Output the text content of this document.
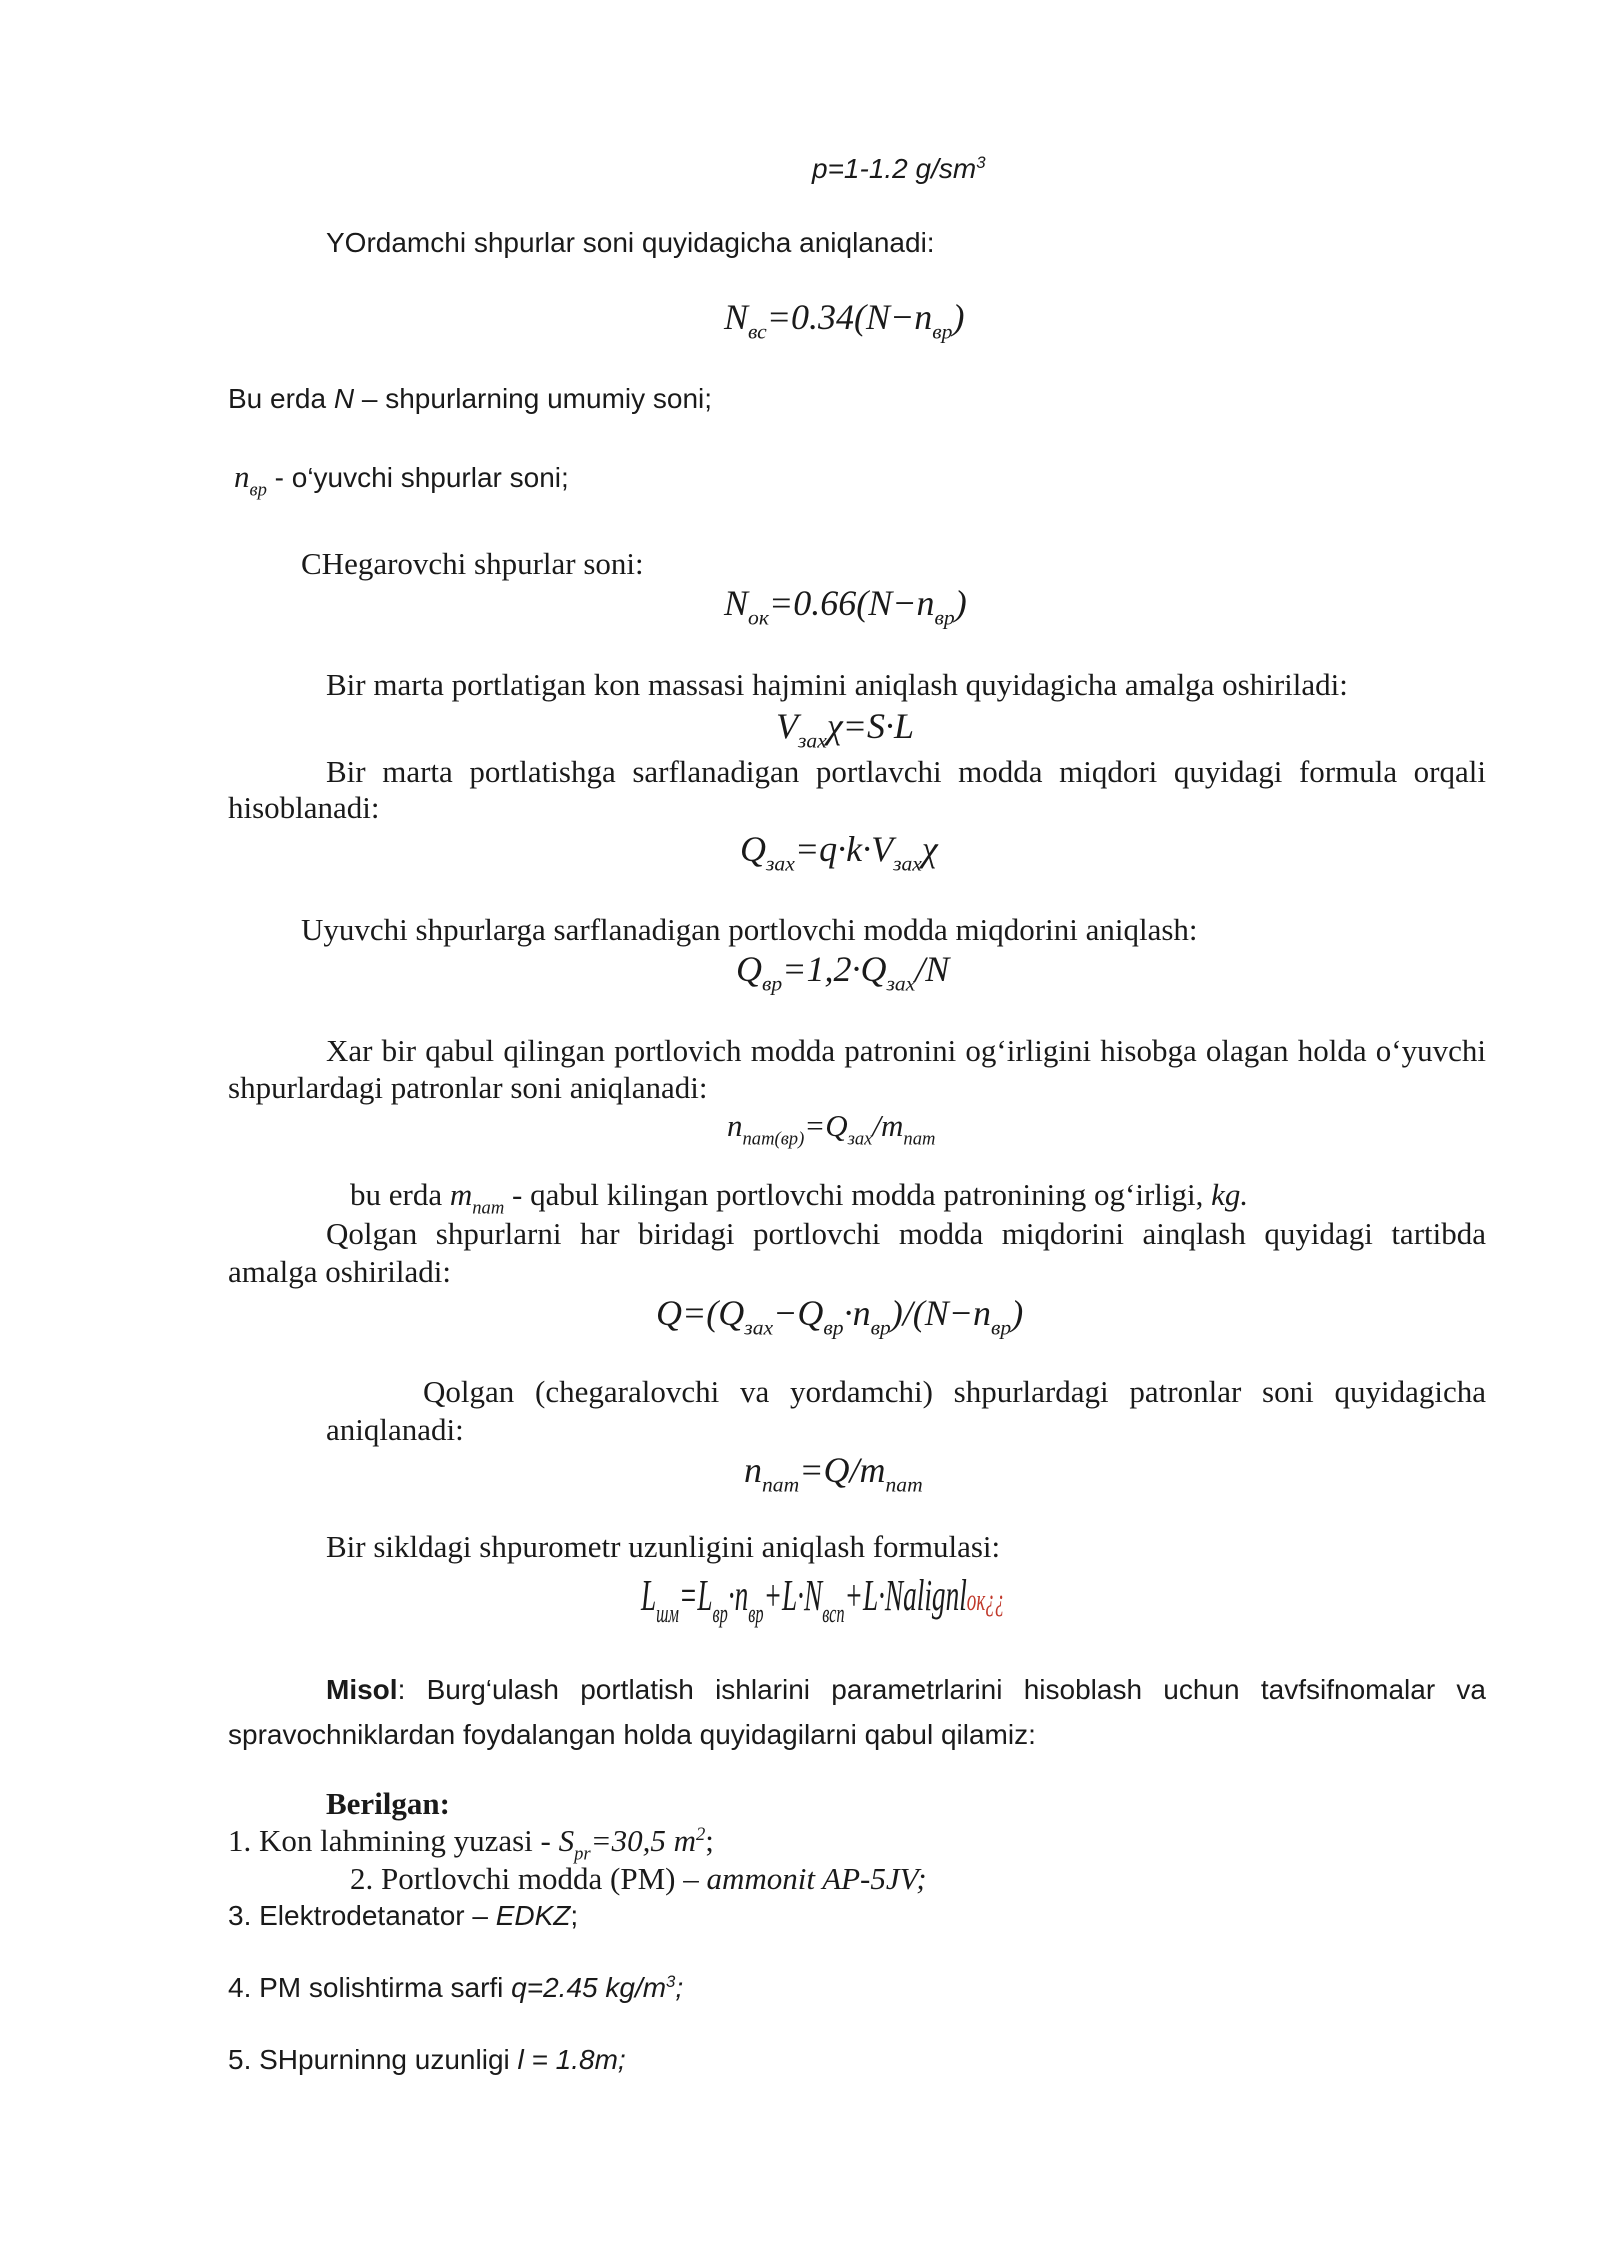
p=1-1.2 $g/sm^3$
YOrdamchi shpurlar soni quyidagicha aniqlanadi:
$N_{вс}=0.34(N-n_{вр})$
Bu erda N – shpurlarning umumiy soni;
$n_{вр}$ - o‘yuvchi shpurlar soni;
CHegarovchi shpurlar soni:
$N_{ок}=0.66(N-n_{вр})$
Bir marta portlatigan kon massasi hajmini aniqlash quyidagicha amalga oshiriladi:
$V_{зах}\chi=S\cdot L$
Bir marta portlatishga sarflanadigan portlavchi modda miqdori quyidagi formula orqali hisoblanadi:
$Q_{зах}=q\cdot k\cdot V_{зах}\chi$
Uyuvchi shpurlarga sarflanadigan portlovchi modda miqdorini aniqlash:
$Q_{вр}=1,2\cdot Q_{зах}/N$
Xar bir qabul qilingan portlovich modda patronini og‘irligini hisobga olagan holda o‘yuvchi shpurlardagi patronlar soni aniqlanadi:
$n_{пат(вр)}=Q_{зах}/m_{пат}$
bu erda $m_{пат}$ - qabul kilingan portlovchi modda patronining og‘irligi, kg.
Qolgan shpurlarni har biridagi portlovchi modda miqdorini ainqlash quyidagi tartibda amalga oshiriladi:
$Q=(Q_{зах}-Q_{вр}\cdot n_{вр})/(N-n_{вр})$
Qolgan (chegaralovchi va yordamchi) shpurlardagi patronlar soni quyidagicha aniqlanadi:
$n_{пат}=Q/m_{пат}$
Bir sikldagi shpurometr uzunligini aniqlash formulasi:
$L_{шм}=L_{вр}\cdot n_{вр}+L\cdot N_{всп}+L\cdot Nalignlок¿¿$
Misol: Burg‘ulash portlatish ishlarini parametrlarini hisoblash uchun tavfsifnomalar va spravochniklardan foydalangan holda quyidagilarni qabul qilamiz:
Berilgan:
1. Kon lahmining yuzasi - $S_{pr}=30,5$ $m^2$;
2. Portlovchi modda (PM) – ammonit AP-5JV;
3. Elektrodetanator – EDKZ;
4. PM solishtirma sarfi q=2.45 $kg/m^3$;
5. SHpurninng uzunligi l = 1.8m;
